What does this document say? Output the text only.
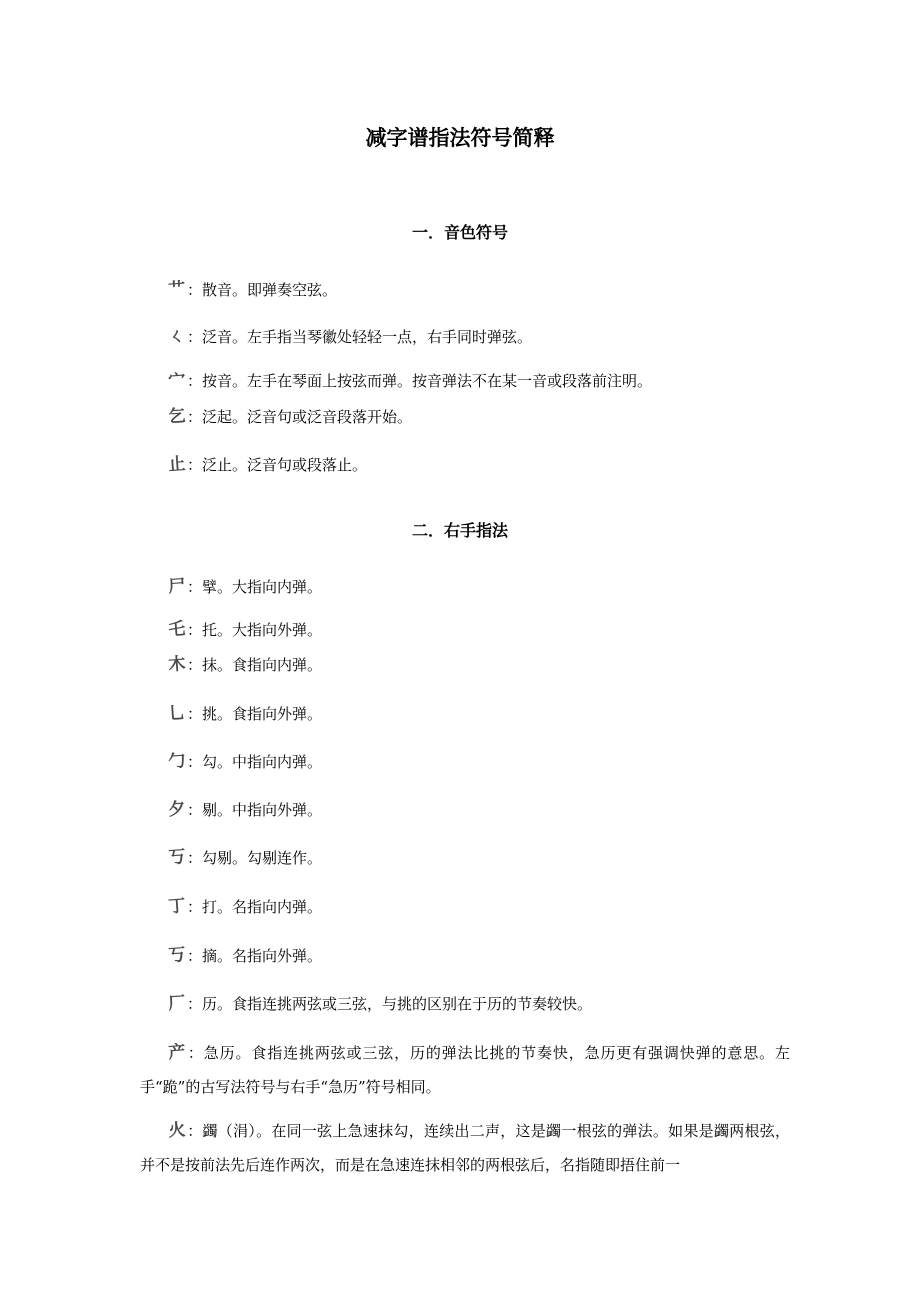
减字谱指法符号简释
一．音色符号
艹 ：散音。即弹奏空弦。
ㄑ ：泛音。左手指当琴徽处轻轻一点，右手同时弹弦。
宀 ：按音。左手在琴面上按弦而弹。按音弹法不在某一音或段落前注明。
乞 ：泛起。泛音句或泛音段落开始。
止 ：泛止。泛音句或段落止。
二．右手指法
尸 ：擘。大指向内弹。
乇 ：托。大指向外弹。
木 ：抹。食指向内弹。
乚 ：挑。食指向外弹。
勹 ：勾。中指向内弹。
夕 ：剔。中指向外弹。
丂 ：勾剔。勾剔连作。
丁 ：打。名指向内弹。
丂 ：摘。名指向外弹。
厂 ：历。食指连挑两弦或三弦，与挑的区别在于历的节奏较快。
产 ：急历。食指连挑两弦或三弦，历的弹法比挑的节奏快，急历更有强调快弹的意思。左手“跪”的古写法符号与右手“急历”符号相同。
火 ：蠲（涓）。在同一弦上急速抹勾，连续出二声，这是蠲一根弦的弹法。如果是蠲两根弦，并不是按前法先后连作两次，而是在急速连抹相邻的两根弦后，名指随即捂住前一
